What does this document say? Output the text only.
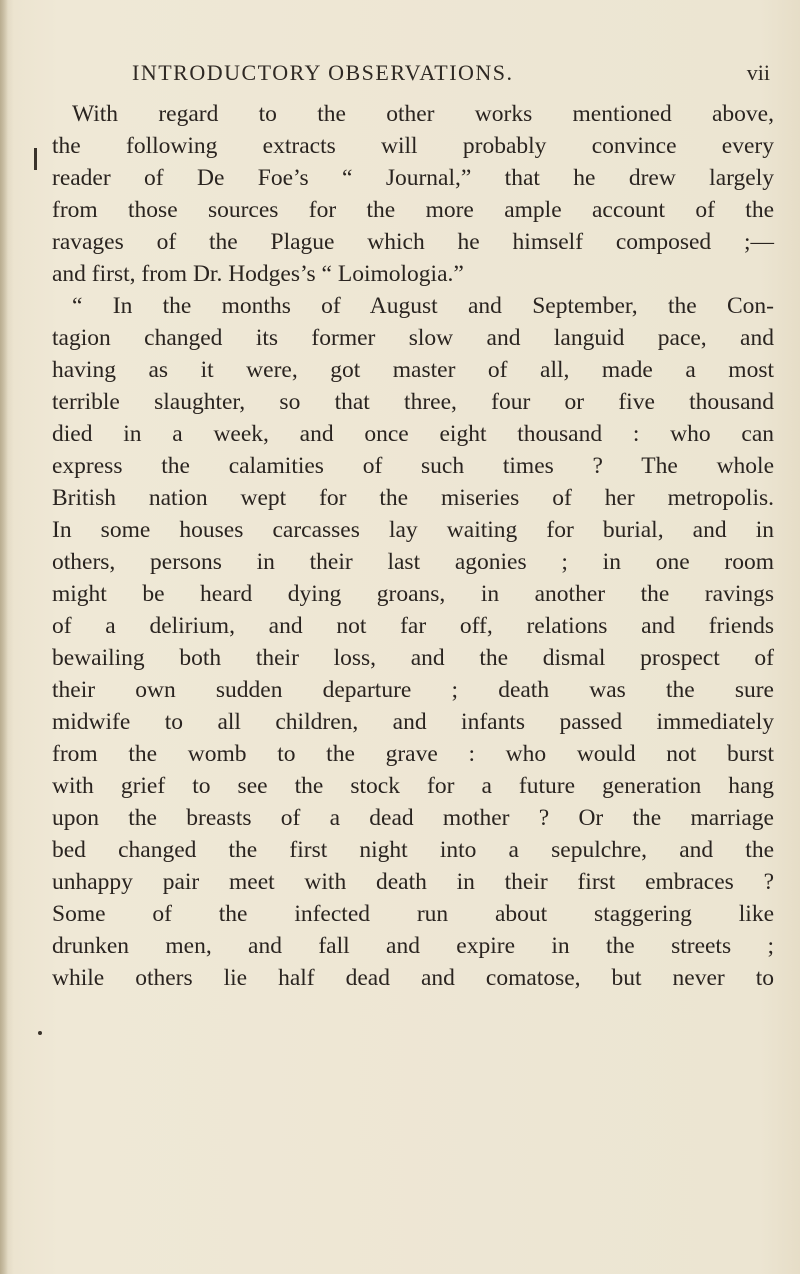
INTRODUCTORY OBSERVATIONS.	vii
With regard to the other works mentioned above,
the following extracts will probably convince every
reader of De Foe’s “ Journal,” that he drew largely
from those sources for the more ample account of the
ravages of the Plague which he himself composed ;—
and first, from Dr. Hodges’s “ Loimologia.”
“ In the months of August and September, the Con-
tagion changed its former slow and languid pace, and
having as it were, got master of all, made a most
terrible slaughter, so that three, four or five thousand
died in a week, and once eight thousand : who can
express the calamities of such times ? The whole
British nation wept for the miseries of her metropolis.
In some houses carcasses lay waiting for burial, and in
others, persons in their last agonies ; in one room
might be heard dying groans, in another the ravings
of a delirium, and not far off, relations and friends
bewailing both their loss, and the dismal prospect of
their own sudden departure ; death was the sure
midwife to all children, and infants passed immediately
from the womb to the grave : who would not burst
with grief to see the stock for a future generation hang
upon the breasts of a dead mother ? Or the marriage
bed changed the first night into a sepulchre, and the
unhappy pair meet with death in their first embraces ?
Some of the infected run about staggering like
drunken men, and fall and expire in the streets ;
while others lie half dead and comatose, but never to
